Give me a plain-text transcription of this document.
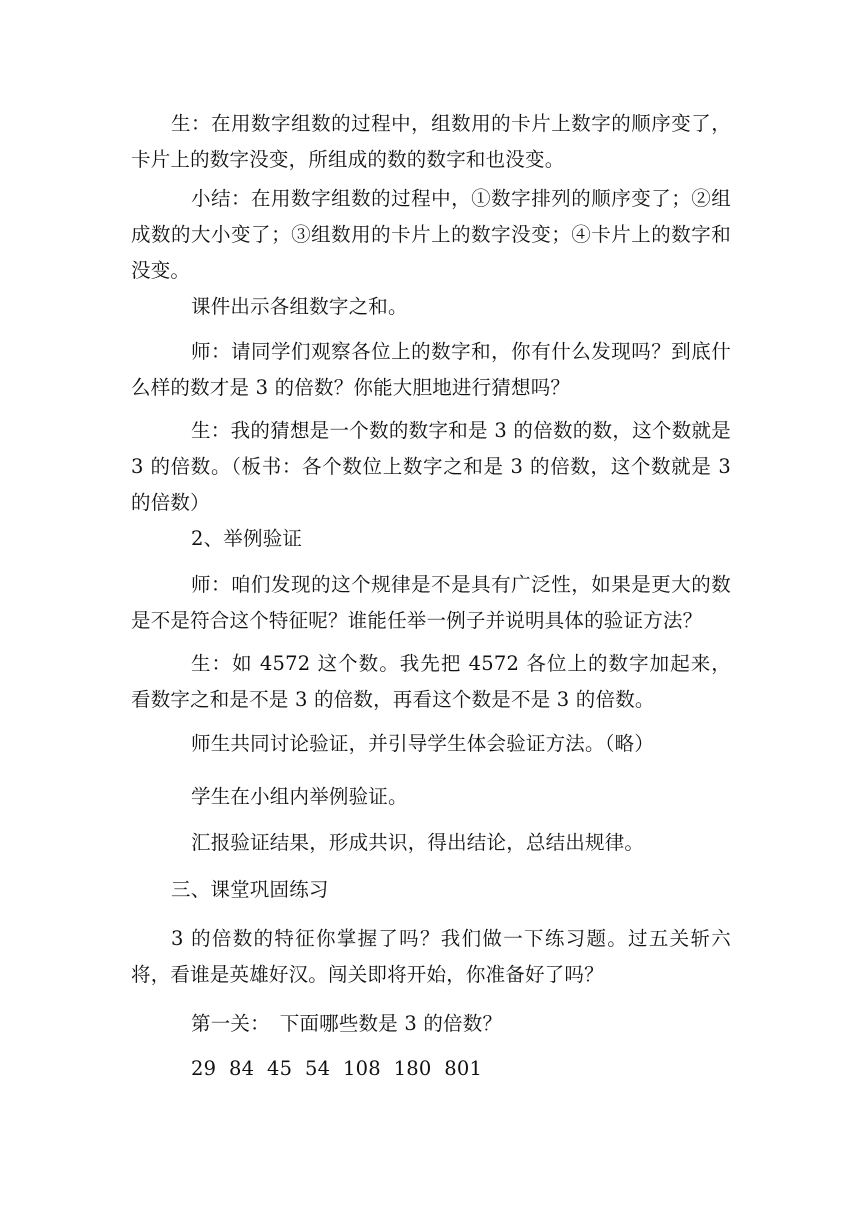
生：在用数字组数的过程中，组数用的卡片上数字的顺序变了，卡片上的数字没变，所组成的数的数字和也没变。

小结：在用数字组数的过程中，①数字排列的顺序变了；②组成数的大小变了；③组数用的卡片上的数字没变；④卡片上的数字和没变。

课件出示各组数字之和。

师：请同学们观察各位上的数字和，你有什么发现吗？到底什么样的数才是 3 的倍数？你能大胆地进行猜想吗？

生：我的猜想是一个数的数字和是 3 的倍数的数，这个数就是 3 的倍数。（板书：各个数位上数字之和是 3 的倍数，这个数就是 3 的倍数）

2、举例验证

师：咱们发现的这个规律是不是具有广泛性，如果是更大的数是不是符合这个特征呢？谁能任举一例子并说明具体的验证方法？

生：如 4572 这个数。我先把 4572 各位上的数字加起来，看数字之和是不是 3 的倍数，再看这个数是不是 3 的倍数。

师生共同讨论验证，并引导学生体会验证方法。（略）

学生在小组内举例验证。

汇报验证结果，形成共识，得出结论，总结出规律。

三、课堂巩固练习

3 的倍数的特征你掌握了吗？我们做一下练习题。过五关斩六将，看谁是英雄好汉。闯关即将开始，你准备好了吗？

第一关：　下面哪些数是 3 的倍数？

29  84  45  54  108  180  801
